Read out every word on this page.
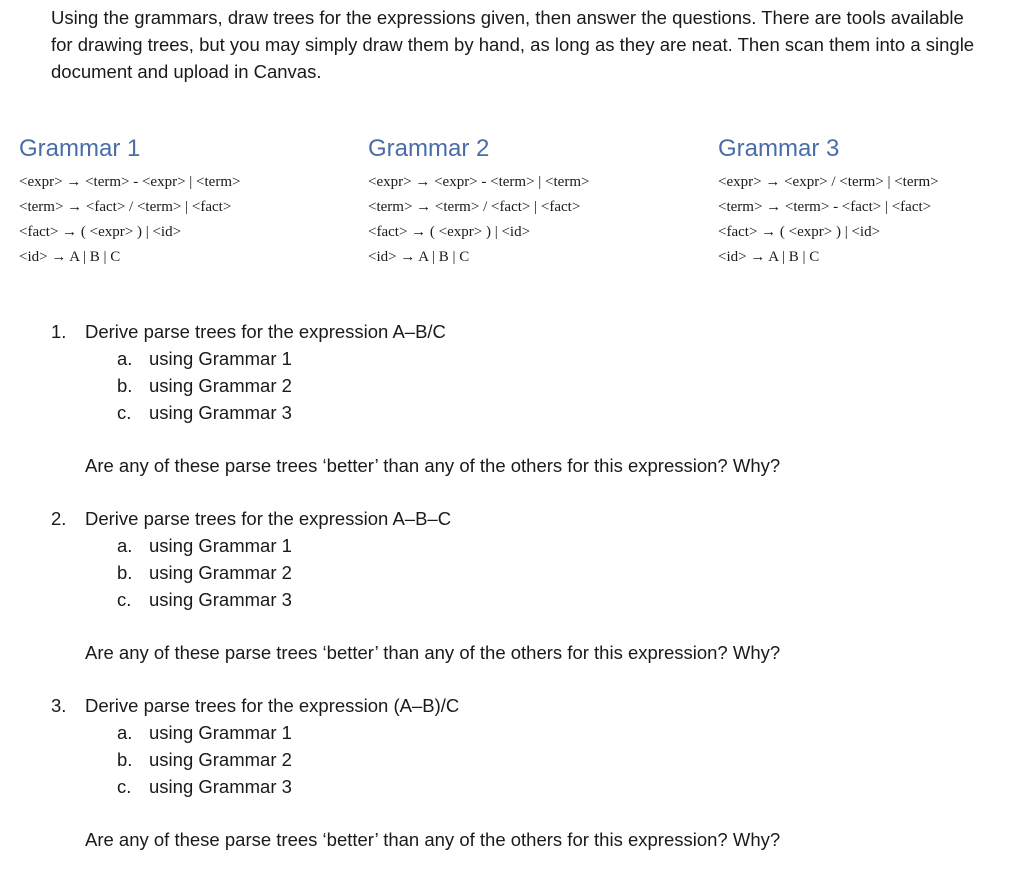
Using the grammars, draw trees for the expressions given, then answer the questions. There are tools available for drawing trees, but you may simply draw them by hand, as long as they are neat. Then scan them into a single document and upload in Canvas.

Grammar 1

<expr> → <term> - <expr> | <term>

<term> → <fact> / <term> | <fact>

<fact> → ( <expr> ) | <id>

<id> → A | B | C

Grammar 2

<expr> → <expr> - <term> | <term>

<term> → <term> / <fact> | <fact>

<fact> → ( <expr> ) | <id>

<id> → A | B | C

Grammar 3

<expr> → <expr> / <term> | <term>

<term> → <term> - <fact> | <fact>

<fact> → ( <expr> ) | <id>

<id> → A | B | C

1. Derive parse trees for the expression A–B/C
a. using Grammar 1
b. using Grammar 2
c. using Grammar 3
Are any of these parse trees ‘better’ than any of the others for this expression? Why?
2. Derive parse trees for the expression A–B–C
a. using Grammar 1
b. using Grammar 2
c. using Grammar 3
Are any of these parse trees ‘better’ than any of the others for this expression? Why?
3. Derive parse trees for the expression (A–B)/C
a. using Grammar 1
b. using Grammar 2
c. using Grammar 3
Are any of these parse trees ‘better’ than any of the others for this expression? Why?
